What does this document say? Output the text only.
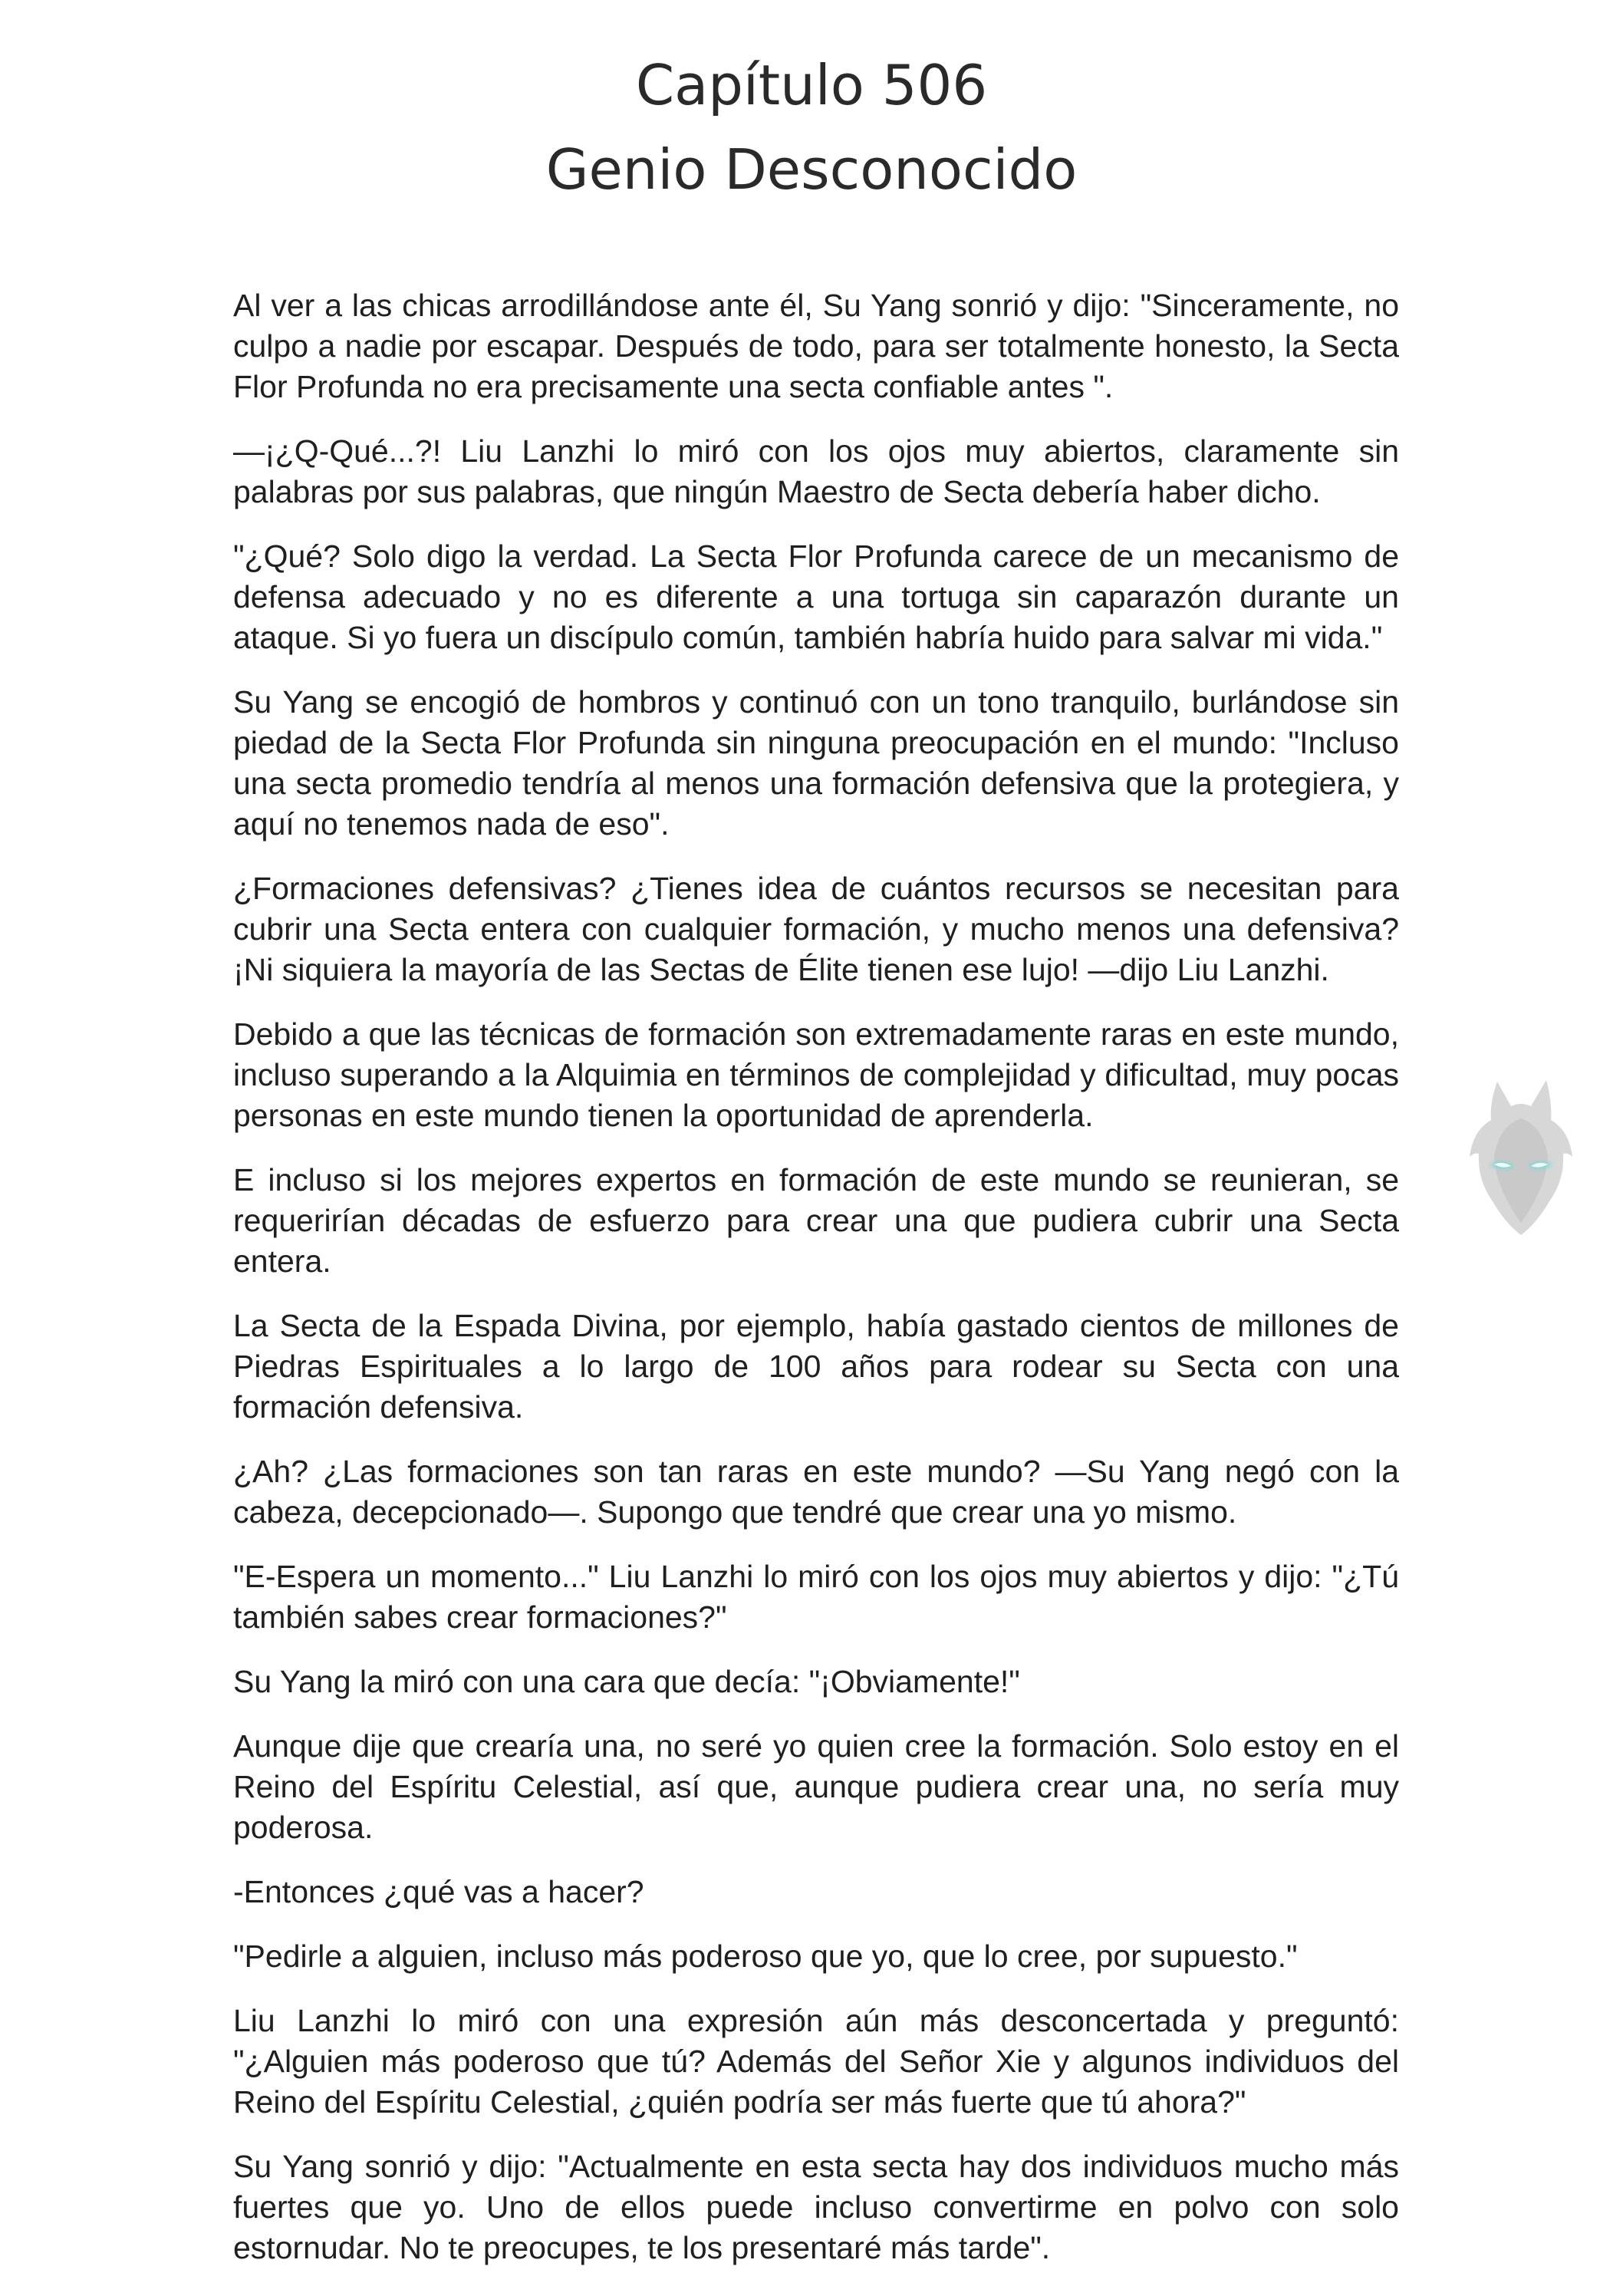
Capítulo 506
Genio Desconocido

Al ver a las chicas arrodillándose ante él, Su Yang sonrió y dijo: "Sinceramente, no culpo a nadie por escapar. Después de todo, para ser totalmente honesto, la Secta Flor Profunda no era precisamente una secta confiable antes ".

—¡¿Q-Qué...?! Liu Lanzhi lo miró con los ojos muy abiertos, claramente sin palabras por sus palabras, que ningún Maestro de Secta debería haber dicho.

"¿Qué? Solo digo la verdad. La Secta Flor Profunda carece de un mecanismo de defensa adecuado y no es diferente a una tortuga sin caparazón durante un ataque. Si yo fuera un discípulo común, también habría huido para salvar mi vida."

Su Yang se encogió de hombros y continuó con un tono tranquilo, burlándose sin piedad de la Secta Flor Profunda sin ninguna preocupación en el mundo: "Incluso una secta promedio tendría al menos una formación defensiva que la protegiera, y aquí no tenemos nada de eso".

¿Formaciones defensivas? ¿Tienes idea de cuántos recursos se necesitan para cubrir una Secta entera con cualquier formación, y mucho menos una defensiva? ¡Ni siquiera la mayoría de las Sectas de Élite tienen ese lujo! —dijo Liu Lanzhi.

Debido a que las técnicas de formación son extremadamente raras en este mundo, incluso superando a la Alquimia en términos de complejidad y dificultad, muy pocas personas en este mundo tienen la oportunidad de aprenderla.

E incluso si los mejores expertos en formación de este mundo se reunieran, se requerirían décadas de esfuerzo para crear una que pudiera cubrir una Secta entera.

La Secta de la Espada Divina, por ejemplo, había gastado cientos de millones de Piedras Espirituales a lo largo de 100 años para rodear su Secta con una formación defensiva.

¿Ah? ¿Las formaciones son tan raras en este mundo? —Su Yang negó con la cabeza, decepcionado—. Supongo que tendré que crear una yo mismo.

"E-Espera un momento..." Liu Lanzhi lo miró con los ojos muy abiertos y dijo: "¿Tú también sabes crear formaciones?"

Su Yang la miró con una cara que decía: "¡Obviamente!"

Aunque dije que crearía una, no seré yo quien cree la formación. Solo estoy en el Reino del Espíritu Celestial, así que, aunque pudiera crear una, no sería muy poderosa.

-Entonces ¿qué vas a hacer?

"Pedirle a alguien, incluso más poderoso que yo, que lo cree, por supuesto."

Liu Lanzhi lo miró con una expresión aún más desconcertada y preguntó: "¿Alguien más poderoso que tú? Además del Señor Xie y algunos individuos del Reino del Espíritu Celestial, ¿quién podría ser más fuerte que tú ahora?"

Su Yang sonrió y dijo: "Actualmente en esta secta hay dos individuos mucho más fuertes que yo. Uno de ellos puede incluso convertirme en polvo con solo estornudar. No te preocupes, te los presentaré más tarde".
